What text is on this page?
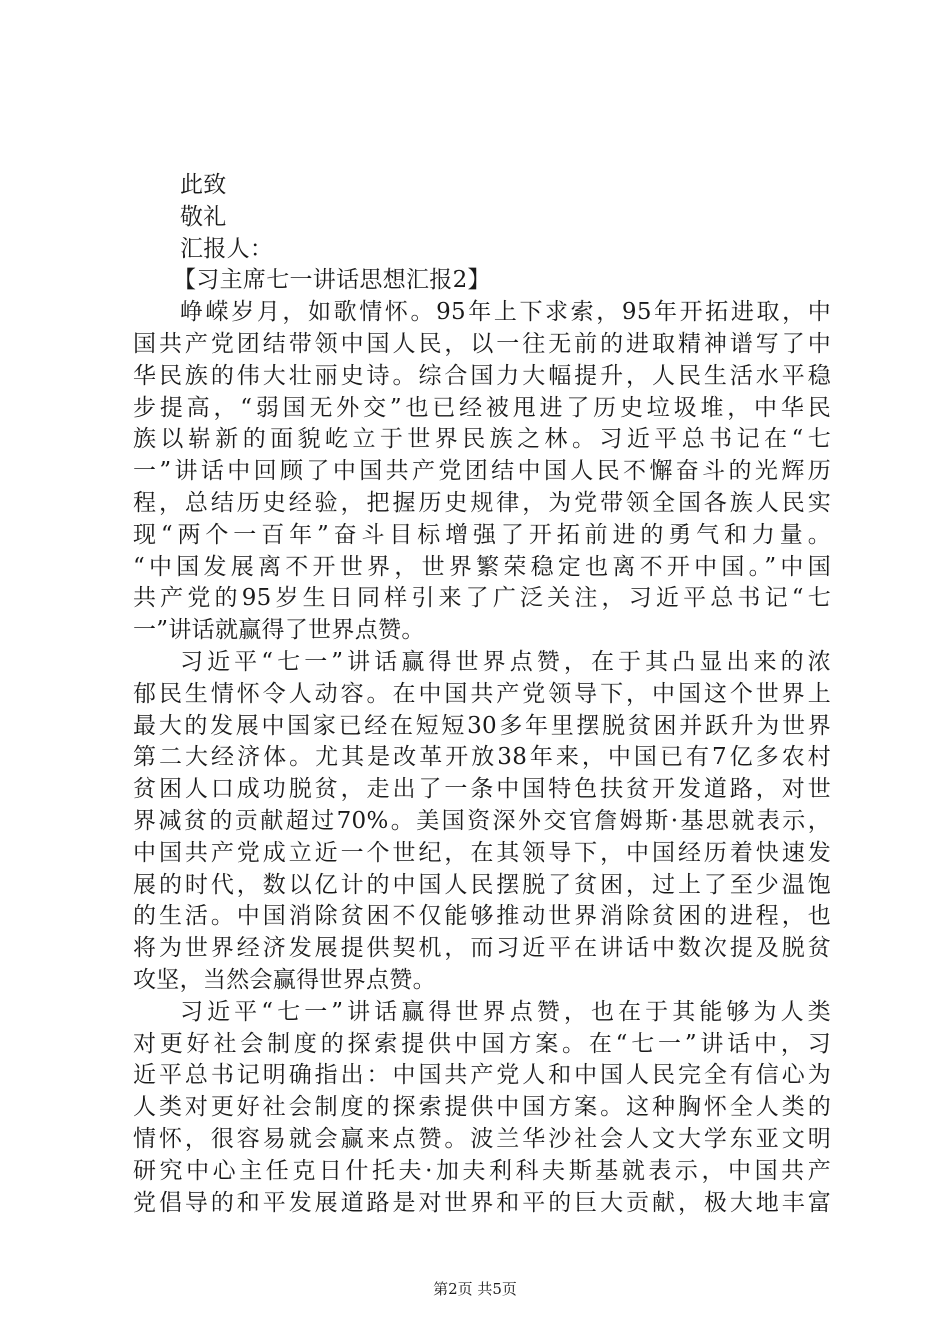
此致
敬礼
汇报人：
【习主席七一讲话思想汇报2】
峥嵘岁月，如歌情怀。95年上下求索，95年开拓进取，中
国共产党团结带领中国人民，以一往无前的进取精神谱写了中
华民族的伟大壮丽史诗。综合国力大幅提升，人民生活水平稳
步提高，“弱国无外交”也已经被甩进了历史垃圾堆，中华民
族以崭新的面貌屹立于世界民族之林。习近平总书记在“七
一”讲话中回顾了中国共产党团结中国人民不懈奋斗的光辉历
程，总结历史经验，把握历史规律，为党带领全国各族人民实
现“两个一百年”奋斗目标增强了开拓前进的勇气和力量。
“中国发展离不开世界，世界繁荣稳定也离不开中国。”中国
共产党的95岁生日同样引来了广泛关注，习近平总书记“七
一”讲话就赢得了世界点赞。
习近平“七一”讲话赢得世界点赞，在于其凸显出来的浓
郁民生情怀令人动容。在中国共产党领导下，中国这个世界上
最大的发展中国家已经在短短30多年里摆脱贫困并跃升为世界
第二大经济体。尤其是改革开放38年来，中国已有7亿多农村
贫困人口成功脱贫，走出了一条中国特色扶贫开发道路，对世
界减贫的贡献超过70%。美国资深外交官詹姆斯·基思就表示，
中国共产党成立近一个世纪，在其领导下，中国经历着快速发
展的时代，数以亿计的中国人民摆脱了贫困，过上了至少温饱
的生活。中国消除贫困不仅能够推动世界消除贫困的进程，也
将为世界经济发展提供契机，而习近平在讲话中数次提及脱贫
攻坚，当然会赢得世界点赞。
习近平“七一”讲话赢得世界点赞，也在于其能够为人类
对更好社会制度的探索提供中国方案。在“七一”讲话中，习
近平总书记明确指出：中国共产党人和中国人民完全有信心为
人类对更好社会制度的探索提供中国方案。这种胸怀全人类的
情怀，很容易就会赢来点赞。波兰华沙社会人文大学东亚文明
研究中心主任克日什托夫·加夫利科夫斯基就表示，中国共产
党倡导的和平发展道路是对世界和平的巨大贡献，极大地丰富
第2页 共5页
